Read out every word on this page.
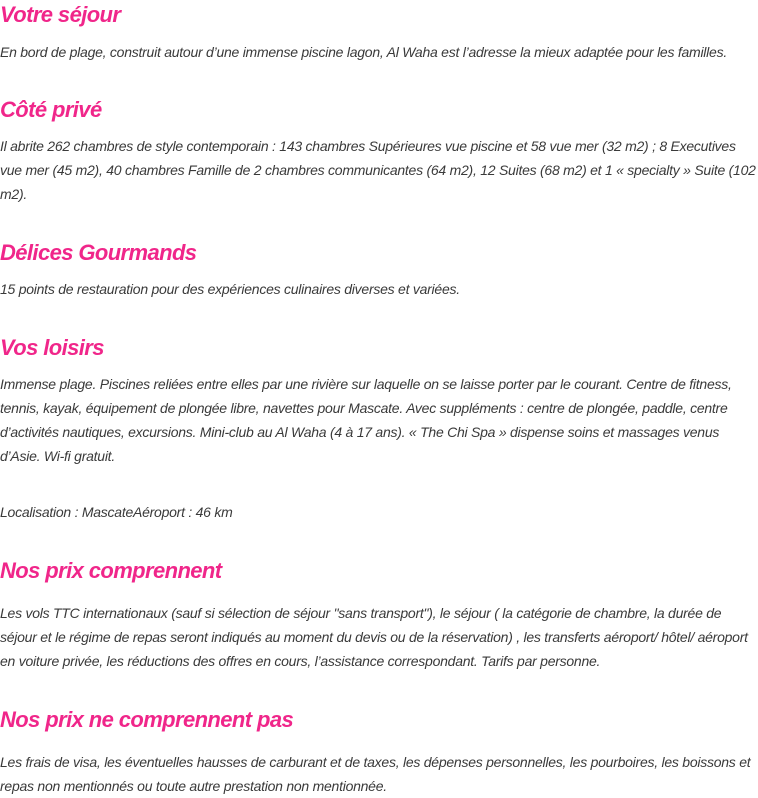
Votre séjour

En bord de plage, construit autour d’une immense piscine lagon, Al Waha est l’adresse la mieux adaptée pour les familles.

Côté privé

Il abrite 262 chambres de style contemporain : 143 chambres Supérieures vue piscine et 58 vue mer (32 m2) ; 8 Executives vue mer (45 m2), 40 chambres Famille de 2 chambres communicantes (64 m2), 12 Suites (68 m2) et 1 « specialty » Suite (102 m2).

Délices Gourmands

15 points de restauration pour des expériences culinaires diverses et variées.

Vos loisirs

Immense plage. Piscines reliées entre elles par une rivière sur laquelle on se laisse porter par le courant. Centre de fitness, tennis, kayak, équipement de plongée libre, navettes pour Mascate. Avec suppléments : centre de plongée, paddle, centre d’activités nautiques, excursions. Mini-club au Al Waha (4 à 17 ans). « The Chi Spa » dispense soins et massages venus d’Asie. Wi-fi gratuit.

Localisation : MascateAéroport : 46 km

Nos prix comprennent

Les vols TTC internationaux (sauf si sélection de séjour "sans transport"), le séjour ( la catégorie de chambre, la durée de séjour et le régime de repas seront indiqués au moment du devis ou de la réservation) , les transferts aéroport/ hôtel/ aéroport en voiture privée, les réductions des offres en cours, l’assistance correspondant. Tarifs par personne.

Nos prix ne comprennent pas

Les frais de visa, les éventuelles hausses de carburant et de taxes, les dépenses personnelles, les pourboires, les boissons et repas non mentionnés ou toute autre prestation non mentionnée.
